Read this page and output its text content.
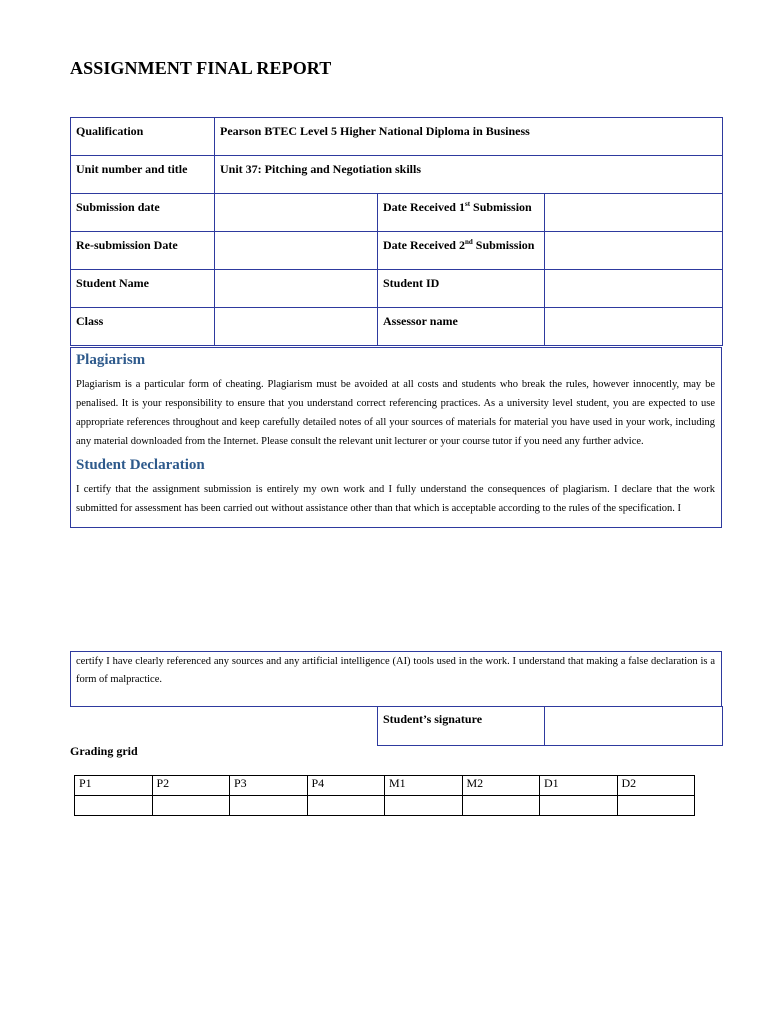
ASSIGNMENT FINAL REPORT
Qualification	Pearson BTEC Level 5 Higher National Diploma in Business		
Unit number and title	Unit 37: Pitching and Negotiation skills		
Submission date		Date Received 1st Submission	
Re-submission Date		Date Received 2nd Submission	
Student Name		Student ID	
Class		Assessor name	
Plagiarism
Plagiarism is a particular form of cheating. Plagiarism must be avoided at all costs and students who break the rules, however innocently, may be penalised. It is your responsibility to ensure that you understand correct referencing practices. As a university level student, you are expected to use appropriate references throughout and keep carefully detailed notes of all your sources of materials for material you have used in your work, including any material downloaded from the Internet. Please consult the relevant unit lecturer or your course tutor if you need any further advice.
Student Declaration
I certify that the assignment submission is entirely my own work and I fully understand the consequences of plagiarism. I declare that the work submitted for assessment has been carried out without assistance other than that which is acceptable according to the rules of the specification. I
certify I have clearly referenced any sources and any artificial intelligence (AI) tools used in the work. I understand that making a false declaration is a form of malpractice.
Student’s signature	
Grading grid
P1	P2	P3	P4	M1	M2	D1	D2
